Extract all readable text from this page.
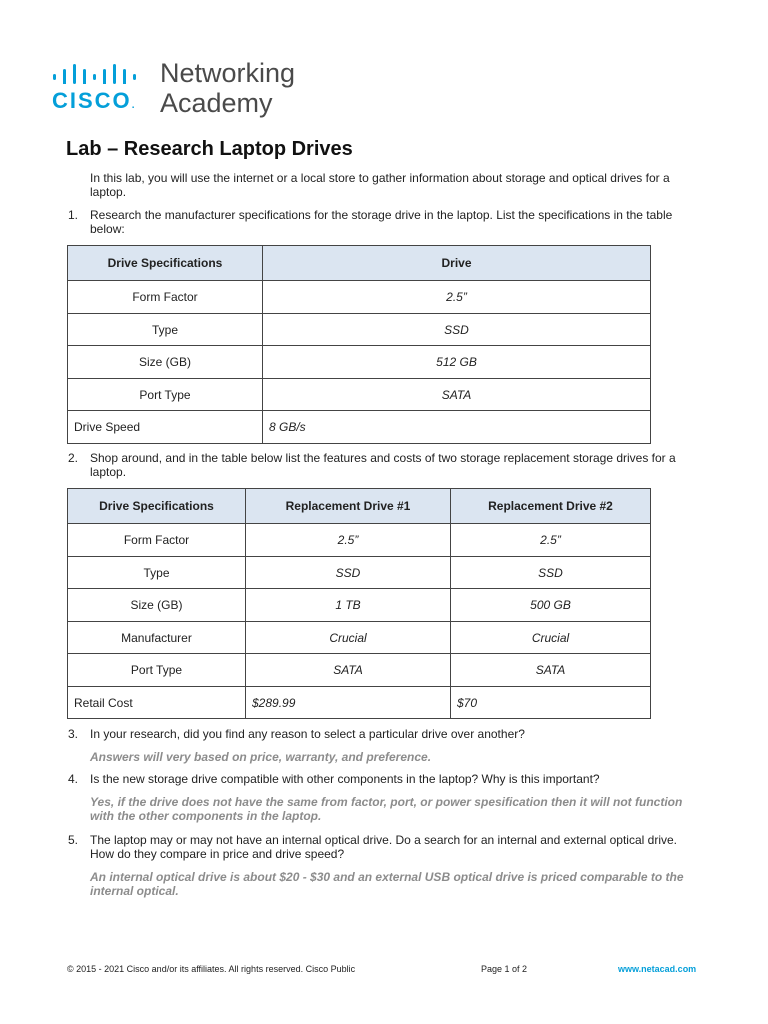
CISCO.
Networking
Academy
Lab – Research Laptop Drives
In this lab, you will use the internet or a local store to gather information about storage and optical drives for a laptop.
1. Research the manufacturer specifications for the storage drive in the laptop. List the specifications in the table below:
Drive Specifications	Drive
Form Factor	2.5”
Type	SSD
Size (GB)	512 GB
Port Type	SATA
Drive Speed	8 GB/s
2. Shop around, and in the table below list the features and costs of two storage replacement storage drives for a laptop.
Drive Specifications	Replacement Drive #1	Replacement Drive #2
Form Factor	2.5”	2.5”
Type	SSD	SSD
Size (GB)	1 TB	500 GB
Manufacturer	Crucial	Crucial
Port Type	SATA	SATA
Retail Cost	$289.99	$70
3. In your research, did you find any reason to select a particular drive over another?
Answers will very based on price, warranty, and preference.
4. Is the new storage drive compatible with other components in the laptop? Why is this important?
Yes, if the drive does not have the same from factor, port, or power spesification then it will not function with the other components in the laptop.
5. The laptop may or may not have an internal optical drive. Do a search for an internal and external optical drive. How do they compare in price and drive speed?
An internal optical drive is about $20 - $30 and an external USB optical drive is priced comparable to the internal optical.
© 2015 - 2021 Cisco and/or its affiliates. All rights reserved. Cisco Public	Page 1 of 2	www.netacad.com
